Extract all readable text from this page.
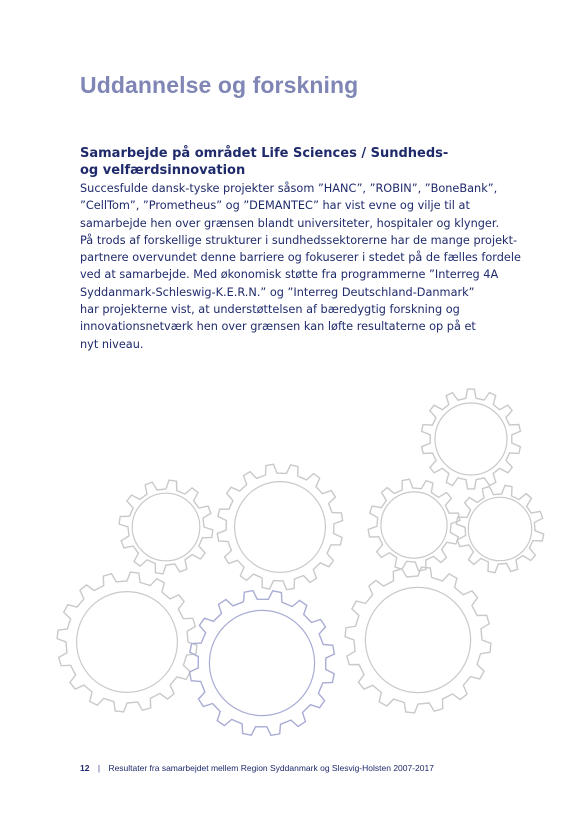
Uddannelse og forskning
Samarbejde på området Life Sciences / Sundheds-
og velfærdsinnovation
Succesfulde dansk-tyske projekter såsom ”HANC”, ”ROBIN”, ”BoneBank”,
”CellTom”, ”Prometheus” og ”DEMANTEC” har vist evne og vilje til at
samarbejde hen over grænsen blandt universiteter, hospitaler og klynger.
På trods af forskellige strukturer i sundhedssektorerne har de mange projekt-
partnere overvundet denne barriere og fokuserer i stedet på de fælles fordele
ved at samarbejde. Med økonomisk støtte fra programmerne ”Interreg 4A
Syddanmark-Schleswig-K.E.R.N.” og ”Interreg Deutschland-Danmark”
har projekterne vist, at understøttelsen af bæredygtig forskning og
innovationsnetværk hen over grænsen kan løfte resultaterne op på et
nyt niveau.
12 | Resultater fra samarbejdet mellem Region Syddanmark og Slesvig-Holsten 2007-2017
